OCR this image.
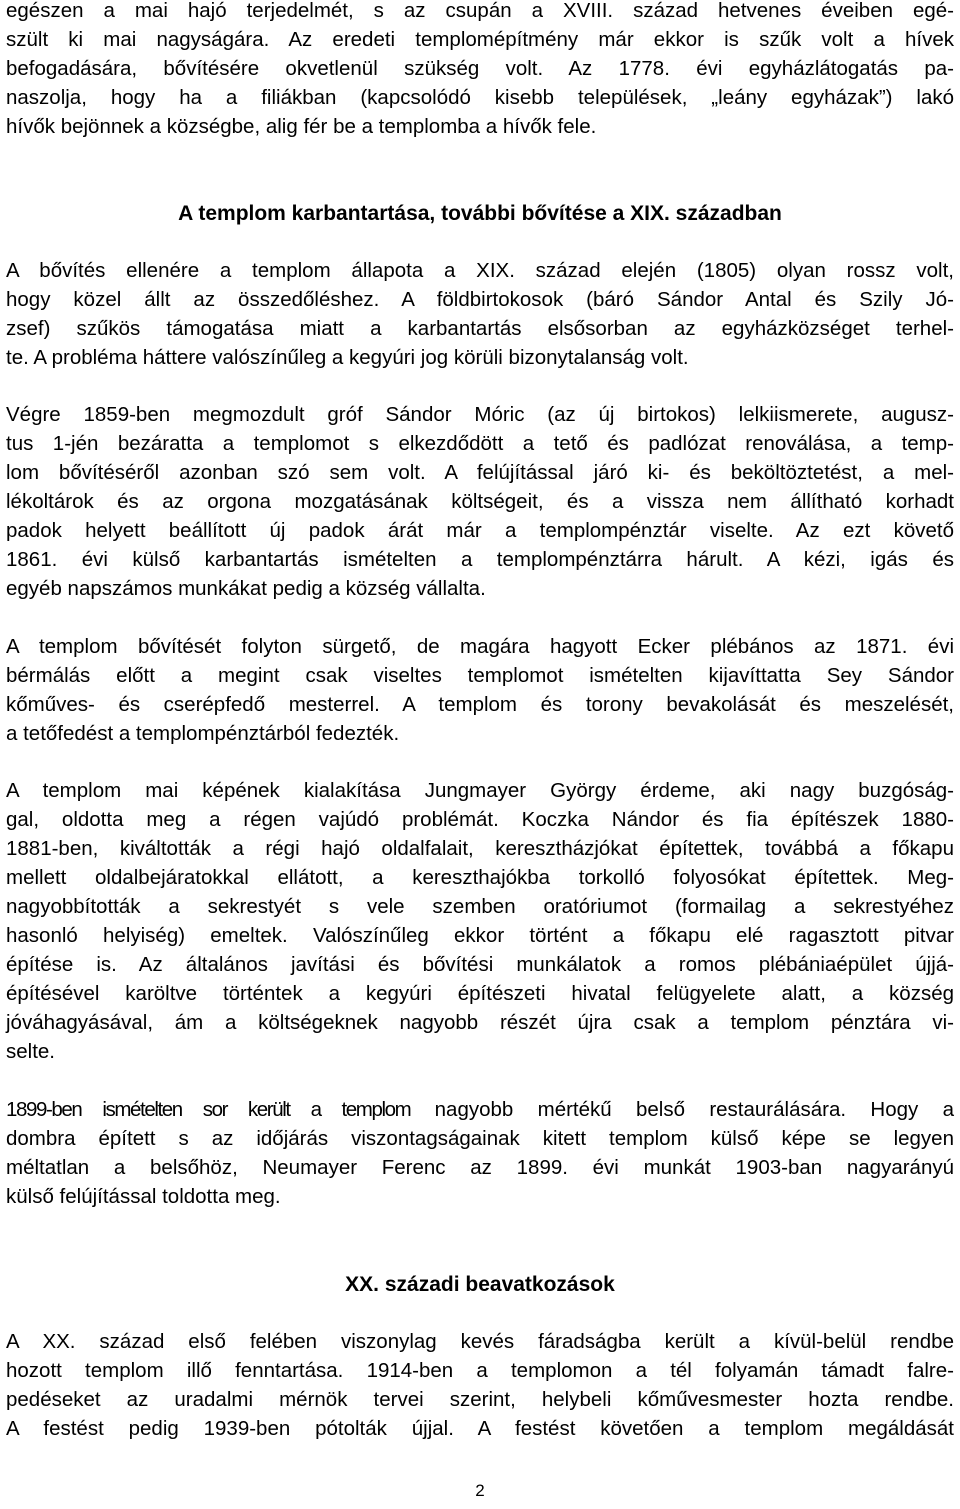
egészen a mai hajó terjedelmét, s az csupán a XVIII. század hetvenes éveiben egé-
szült ki mai nagyságára. Az eredeti templomépítmény már ekkor is szűk volt a hívek
befogadására, bővítésére okvetlenül szükség volt. Az 1778. évi egyházlátogatás pa-
naszolja, hogy ha a filiákban (kapcsolódó kisebb települések, „leány egyházak”) lakó
hívők bejönnek a községbe, alig fér be a templomba a hívők fele.
A templom karbantartása, további bővítése a XIX. században
A bővítés ellenére a templom állapota a XIX. század elején (1805) olyan rossz volt,
hogy közel állt az összedőléshez. A földbirtokosok (báró Sándor Antal és Szily Jó-
zsef) szűkös támogatása miatt a karbantartás elsősorban az egyházközséget terhel-
te. A probléma háttere valószínűleg a kegyúri jog körüli bizonytalanság volt.
Végre 1859-ben megmozdult gróf Sándor Móric (az új birtokos) lelkiismerete, augusz-
tus 1-jén bezáratta a templomot s elkezdődött a tető és padlózat renoválása, a temp-
lom bővítéséről azonban szó sem volt. A felújítással járó ki- és beköltöztetést, a mel-
lékoltárok és az orgona mozgatásának költségeit, és a vissza nem állítható korhadt
padok helyett beállított új padok árát már a templompénztár viselte. Az ezt követő
1861. évi külső karbantartás ismételten a templompénztárra hárult. A kézi, igás és
egyéb napszámos munkákat pedig a község vállalta.
A templom bővítését folyton sürgető, de magára hagyott Ecker plébános az 1871. évi
bérmálás előtt a megint csak viseltes templomot ismételten kijavíttatta Sey Sándor
kőműves- és cserépfedő mesterrel. A templom és torony bevakolását és meszelését,
a tetőfedést a templompénztárból fedezték.
A templom mai képének kialakítása Jungmayer György érdeme, aki nagy buzgóság-
gal, oldotta meg a régen vajúdó problémát. Koczka Nándor és fia építészek 1880-
1881-ben, kiváltották a régi hajó oldalfalait, keresztházjókat építettek, továbbá a főkapu
mellett oldalbejáratokkal ellátott, a kereszthajókba torkolló folyosókat építettek. Meg-
nagyobbították a sekrestyét s vele szemben oratóriumot (formailag a sekrestyéhez
hasonló helyiség) emeltek. Valószínűleg ekkor történt a főkapu elé ragasztott pitvar
építése is. Az általános javítási és bővítési munkálatok a romos plébániaépület újjá-
építésével karöltve történtek a kegyúri építészeti hivatal felügyelete alatt, a község
jóváhagyásával, ám a költségeknek nagyobb részét újra csak a templom pénztára vi-
selte.
1899-ben ismételten sor került a templom nagyobb mértékű belső restaurálására. Hogy a
dombra épített s az időjárás viszontagságainak kitett templom külső képe se legyen
méltatlan a belsőhöz, Neumayer Ferenc az 1899. évi munkát 1903-ban nagyarányú
külső felújítással toldotta meg.
XX. századi beavatkozások
A XX. század első felében viszonylag kevés fáradságba került a kívül-belül rendbe
hozott templom illő fenntartása. 1914-ben a templomon a tél folyamán támadt falre-
pedéseket az uradalmi mérnök tervei szerint, helybeli kőművesmester hozta rendbe.
A festést pedig 1939-ben pótolták újjal. A festést követően a templom megáldását
2
